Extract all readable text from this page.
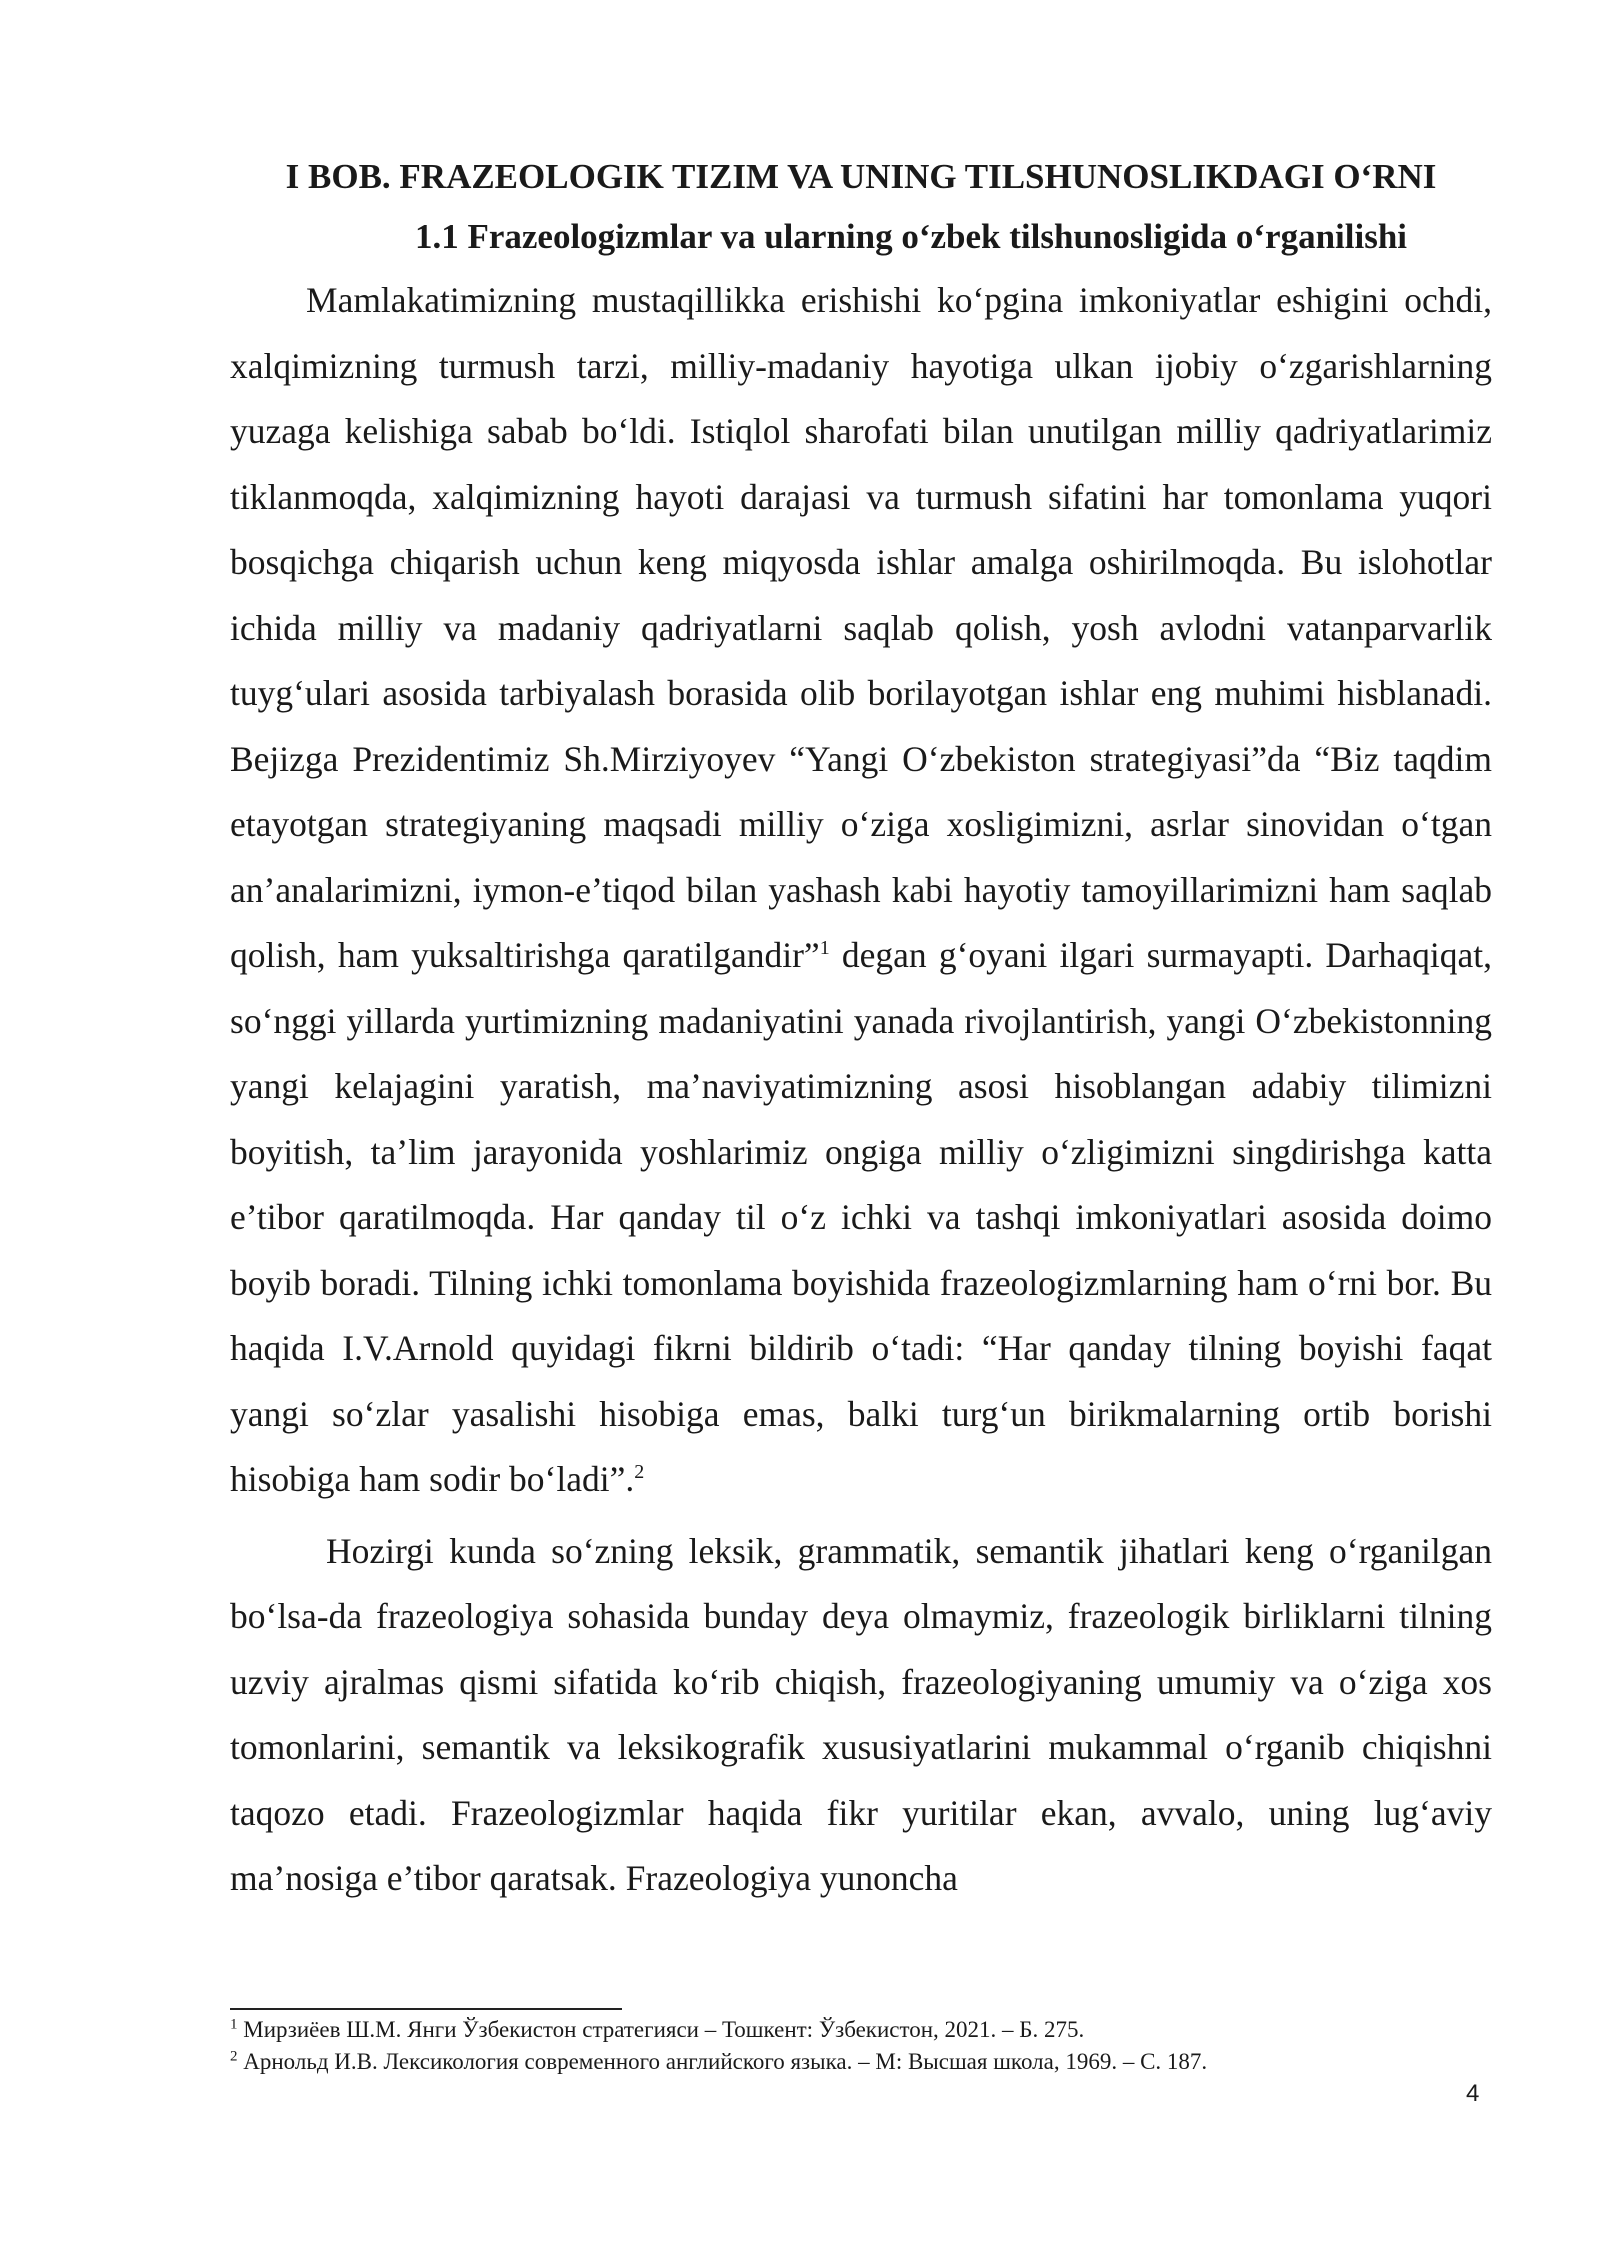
I BOB. FRAZEOLOGIK TIZIM VA UNING TILSHUNOSLIKDAGI O‘RNI
1.1 Frazeologizmlar va ularning o‘zbek tilshunosligida o‘rganilishi

Mamlakatimizning mustaqillikka erishishi ko‘pgina imkoniyatlar eshigini ochdi, xalqimizning turmush tarzi, milliy-madaniy hayotiga ulkan ijobiy o‘zgarishlarning yuzaga kelishiga sabab bo‘ldi. Istiqlol sharofati bilan unutilgan milliy qadriyatlarimiz tiklanmoqda, xalqimizning hayoti darajasi va turmush sifatini har tomonlama yuqori bosqichga chiqarish uchun keng miqyosda ishlar amalga oshirilmoqda. Bu islohotlar ichida milliy va madaniy qadriyatlarni saqlab qolish, yosh avlodni vatanparvarlik tuyg‘ulari asosida tarbiyalash borasida olib borilayotgan ishlar eng muhimi hisblanadi. Bejizga Prezidentimiz Sh.Mirziyoyev “Yangi O‘zbekiston strategiyasi”da “Biz taqdim etayotgan strategiyaning maqsadi milliy o‘ziga xosligimizni, asrlar sinovidan o‘tgan an’analarimizni, iymon-e’tiqod bilan yashash kabi hayotiy tamoyillarimizni ham saqlab qolish, ham yuksaltirishga qaratilgandir”$^1$ degan g‘oyani ilgari surmayapti. Darhaqiqat, so‘nggi yillarda yurtimizning madaniyatini yanada rivojlantirish, yangi O‘zbekistonning yangi kelajagini yaratish, ma’naviyatimizning asosi hisoblangan adabiy tilimizni boyitish, ta’lim jarayonida yoshlarimiz ongiga milliy o‘zligimizni singdirishga katta e’tibor qaratilmoqda. Har qanday til o‘z ichki va tashqi imkoniyatlari asosida doimo boyib boradi. Tilning ichki tomonlama boyishida frazeologizmlarning ham o‘rni bor. Bu haqida I.V.Arnold quyidagi fikrni bildirib o‘tadi: “Har qanday tilning boyishi faqat yangi so‘zlar yasalishi hisobiga emas, balki turg‘un birikmalarning ortib borishi hisobiga ham sodir bo‘ladi”.$^2$

Hozirgi kunda so‘zning leksik, grammatik, semantik jihatlari keng o‘rganilgan bo‘lsa-da frazeologiya sohasida bunday deya olmaymiz, frazeologik birliklarni tilning uzviy ajralmas qismi sifatida ko‘rib chiqish, frazeologiyaning umumiy va o‘ziga xos tomonlarini, semantik va leksikografik xususiyatlarini mukammal o‘rganib chiqishni taqozo etadi. Frazeologizmlar haqida fikr yuritilar ekan, avvalo, uning lug‘aviy ma’nosiga e’tibor qaratsak. Frazeologiya yunoncha

$^1$ Мирзиёев Ш.М. Янги Ўзбекистон стратегияси – Тошкент: Ўзбекистон, 2021. – Б. 275.

$^2$ Арнольд И.В. Лексикология современного английского языка. – М: Высшая школа, 1969. – С. 187.

4
